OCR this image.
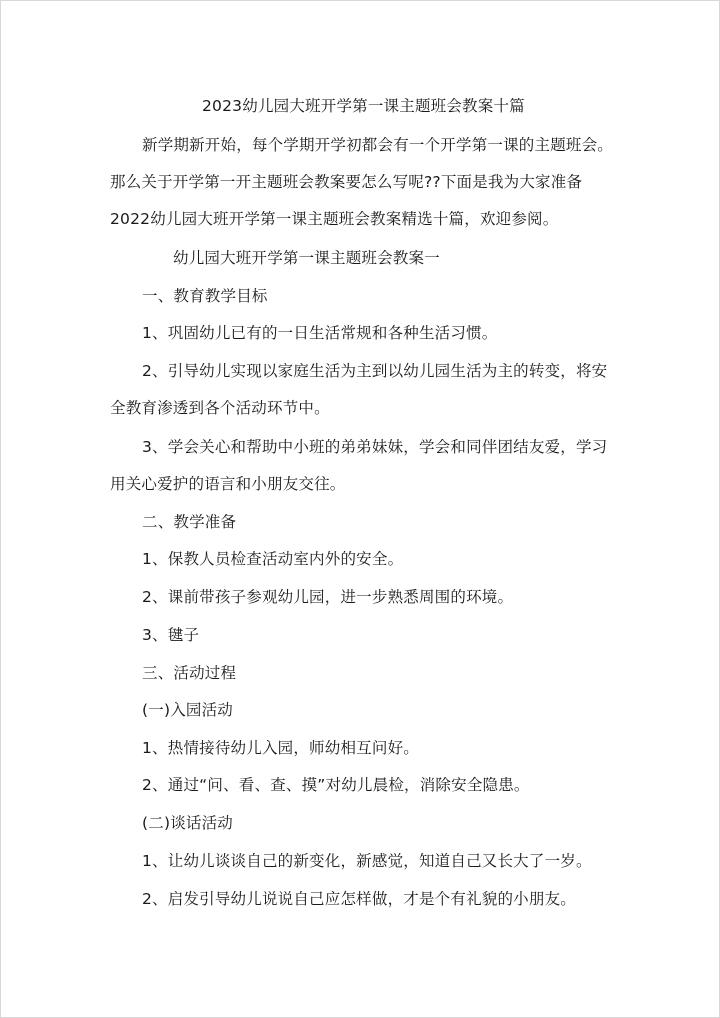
2023幼儿园大班开学第一课主题班会教案十篇
新学期新开始，每个学期开学初都会有一个开学第一课的主题班会。
那么关于开学第一开主题班会教案要怎么写呢??下面是我为大家准备
2022幼儿园大班开学第一课主题班会教案精选十篇，欢迎参阅。
幼儿园大班开学第一课主题班会教案一
一、教育教学目标
1、巩固幼儿已有的一日生活常规和各种生活习惯。
2、引导幼儿实现以家庭生活为主到以幼儿园生活为主的转变，将安
全教育渗透到各个活动环节中。
3、学会关心和帮助中小班的弟弟妹妹，学会和同伴团结友爱，学习
用关心爱护的语言和小朋友交往。
二、教学准备
1、保教人员检查活动室内外的安全。
2、课前带孩子参观幼儿园，进一步熟悉周围的环境。
3、毽子
三、活动过程
(一)入园活动
1、热情接待幼儿入园，师幼相互问好。
2、通过“问、看、查、摸”对幼儿晨检，消除安全隐患。
(二)谈话活动
1、让幼儿谈谈自己的新变化，新感觉，知道自己又长大了一岁。
2、启发引导幼儿说说自己应怎样做，才是个有礼貌的小朋友。
